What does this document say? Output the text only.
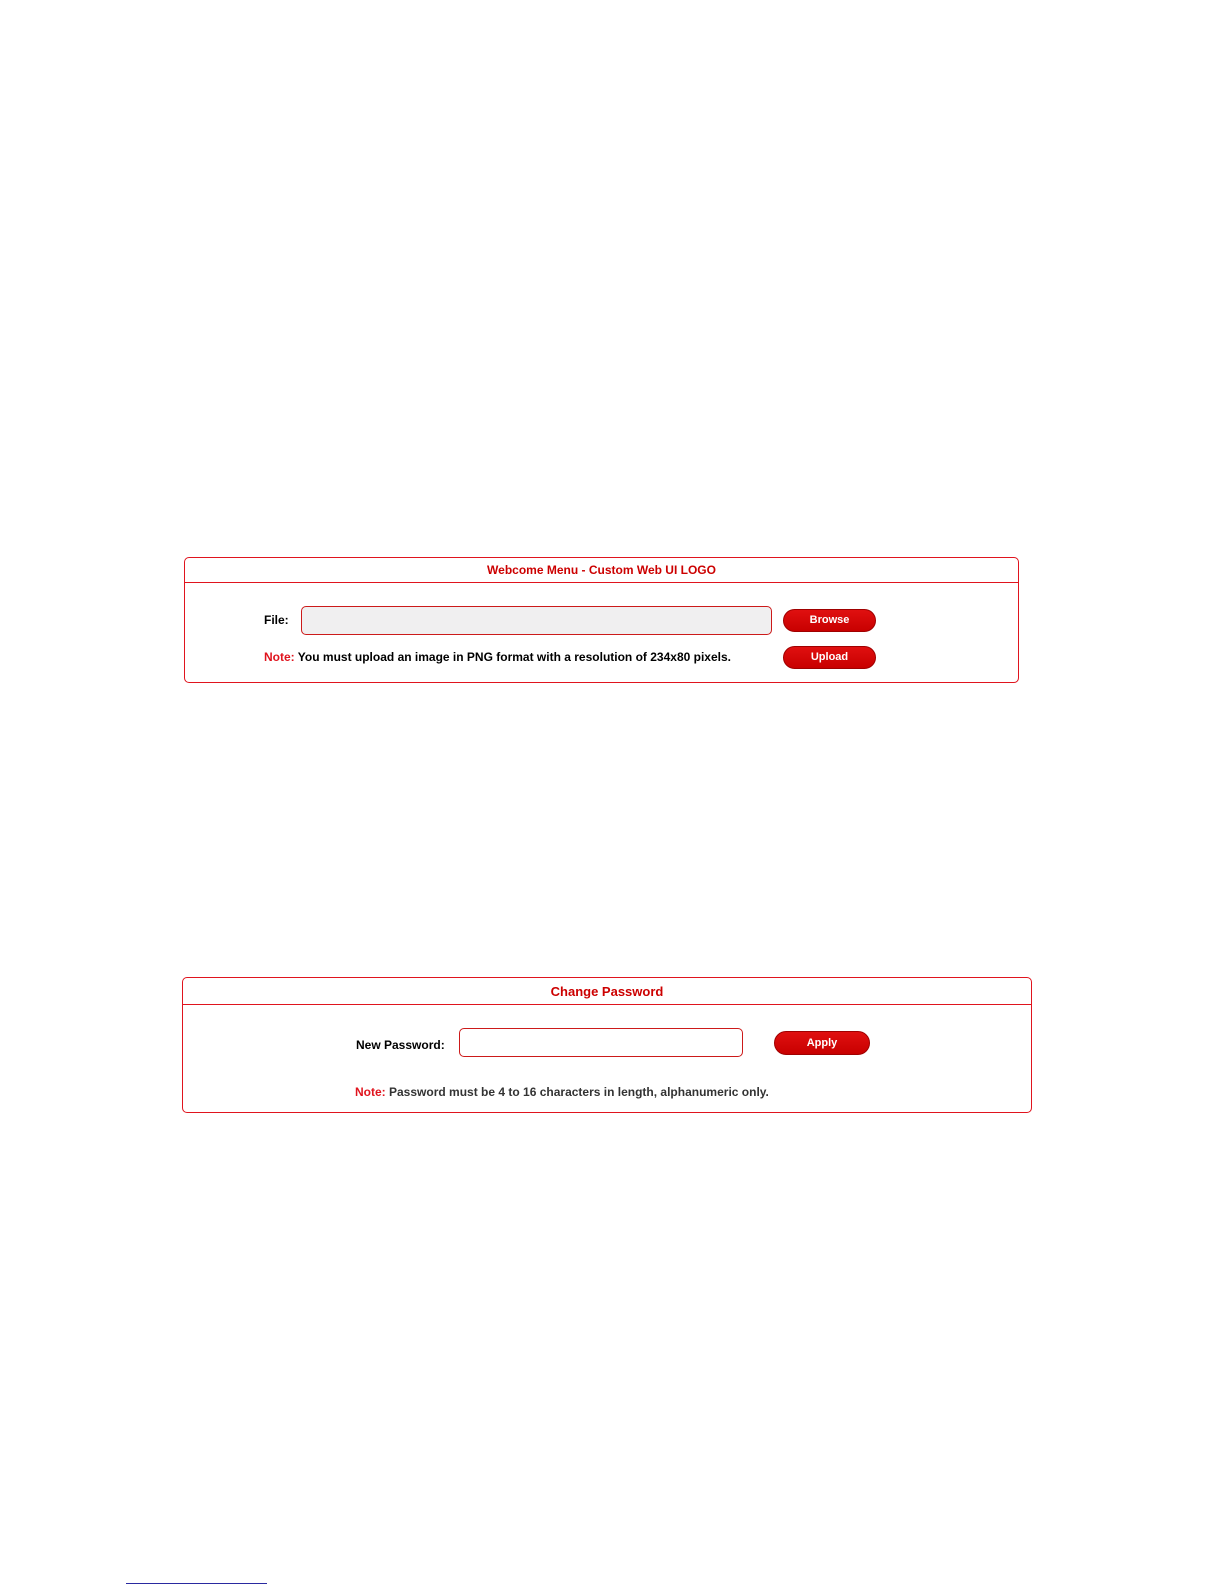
Webcome Menu - Custom Web UI LOGO
File:	Browse
Note: You must upload an image in PNG format with a resolution of 234x80 pixels.	Upload
Change Password
New Password:	Apply
Note: Password must be 4 to 16 characters in length, alphanumeric only.
